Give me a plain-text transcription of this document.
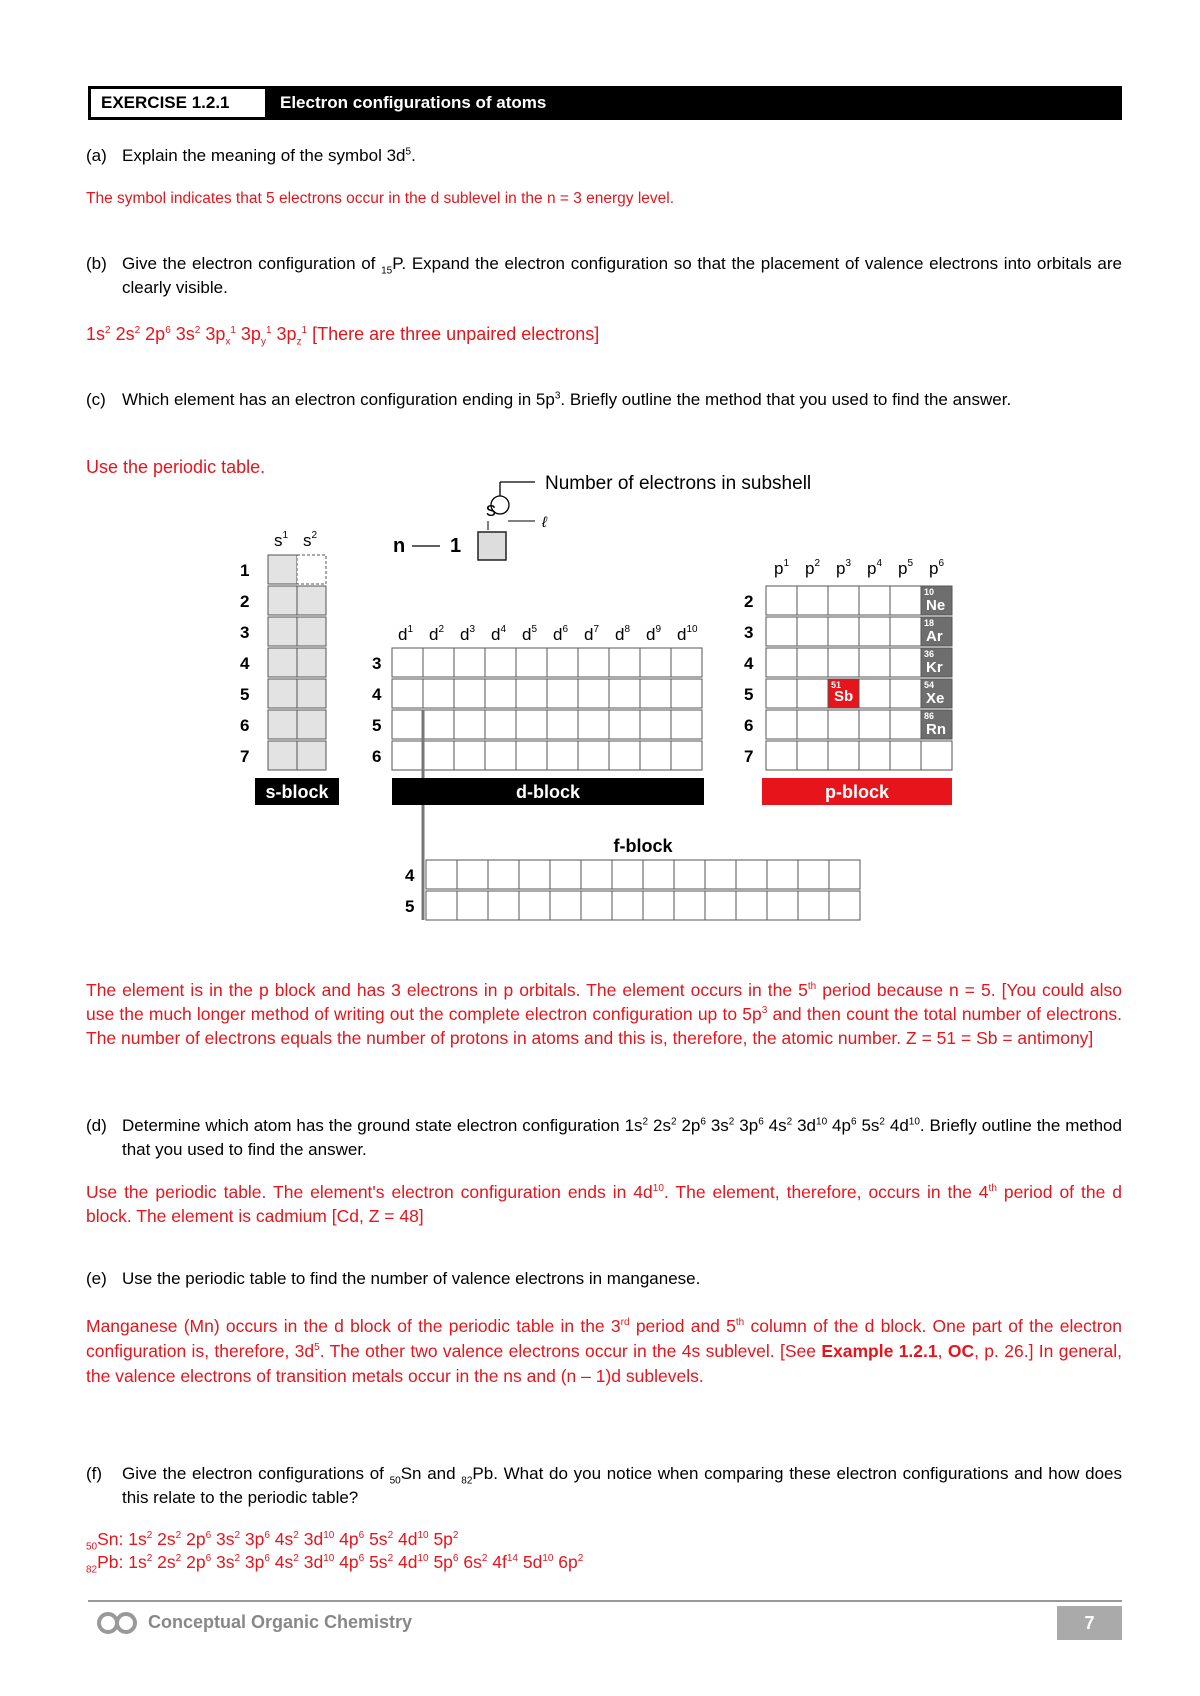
EXERCISE 1.2.1	Electron configurations of atoms
(a) Explain the meaning of the symbol $3d^5$.
The symbol indicates that 5 electrons occur in the d sublevel in the n = 3 energy level.
(b) Give the electron configuration of $_{15}$P. Expand the electron configuration so that the placement of valence electrons into orbitals are clearly visible.
$1s^2$ $2s^2$ $2p^6$ $3s^2$ $3p_x^1$ $3p_y^1$ $3p_z^1$ [There are three unpaired electrons]
(c) Which element has an electron configuration ending in $5p^3$. Briefly outline the method that you used to find the answer.
Use the periodic table.
Number of electrons in subshell
s
ℓ
n 1
$s^1$ $s^2$
1
2
3
4
5
6
7
s-block
$d^1$ $d^2$ $d^3$ $d^4$ $d^5$ $d^6$ $d^7$ $d^8$ $d^9$ $d^{10}$
3
4
5
6
d-block
$p^1$ $p^2$ $p^3$ $p^4$ $p^5$ $p^6$
2
3
4
5
6
7
10
Ne
18
Ar
36
Kr
54
Xe
86
Rn
51
Sb
p-block
f-block
4
5
The element is in the p block and has 3 electrons in p orbitals. The element occurs in the 5th period because n = 5. [You could also use the much longer method of writing out the complete electron configuration up to $5p^3$ and then count the total number of electrons. The number of electrons equals the number of protons in atoms and this is, therefore, the atomic number. Z = 51 = Sb = antimony]
(d) Determine which atom has the ground state electron configuration $1s^2$ $2s^2$ $2p^6$ $3s^2$ $3p^6$ $4s^2$ $3d^{10}$ $4p^6$ $5s^2$ $4d^{10}$. Briefly outline the method that you used to find the answer.
Use the periodic table. The element's electron configuration ends in $4d^{10}$. The element, therefore, occurs in the 4th period of the d block. The element is cadmium [Cd, Z = 48]
(e) Use the periodic table to find the number of valence electrons in manganese.
Manganese (Mn) occurs in the d block of the periodic table in the 3rd period and 5th column of the d block. One part of the electron configuration is, therefore, $3d^5$. The other two valence electrons occur in the 4s sublevel. [See Example 1.2.1, OC, p. 26.] In general, the valence electrons of transition metals occur in the ns and (n – 1)d sublevels.
(f) Give the electron configurations of $_{50}$Sn and $_{82}$Pb. What do you notice when comparing these electron configurations and how does this relate to the periodic table?
$_{50}$Sn: $1s^2$ $2s^2$ $2p^6$ $3s^2$ $3p^6$ $4s^2$ $3d^{10}$ $4p^6$ $5s^2$ $4d^{10}$ $5p^2$
$_{82}$Pb: $1s^2$ $2s^2$ $2p^6$ $3s^2$ $3p^6$ $4s^2$ $3d^{10}$ $4p^6$ $5s^2$ $4d^{10}$ $5p^6$ $6s^2$ $4f^{14}$ $5d^{10}$ $6p^2$
Conceptual Organic Chemistry	7
